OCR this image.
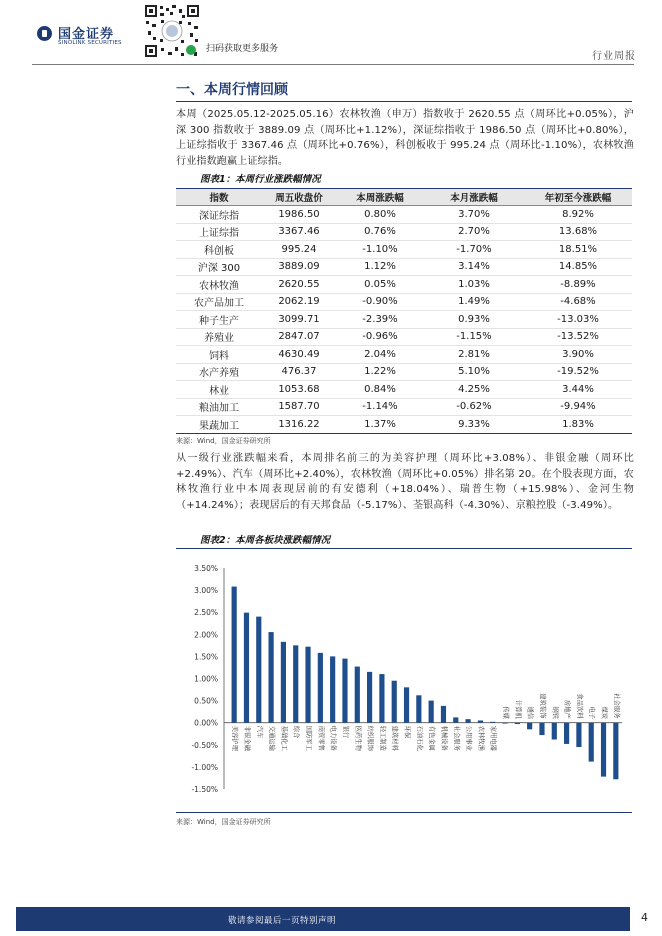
国金证券
SINOLINK SECURITIES
扫码获取更多服务
行业周报
一、本周行情回顾
本周（2025.05.12-2025.05.16）农林牧渔（申万）指数收于 2620.55 点（周环比+0.05%），沪深 300 指数收于 3889.09 点（周环比+1.12%），深证综指收于 1986.50 点（周环比+0.80%），上证综指收于 3367.46 点（周环比+0.76%），科创板收于 995.24 点（周环比-1.10%），农林牧渔行业指数跑赢上证综指。
图表1：本周行业涨跌幅情况
指数	周五收盘价	本周涨跌幅	本月涨跌幅	年初至今涨跌幅
深证综指	1986.50	0.80%	3.70%	8.92%
上证综指	3367.46	0.76%	2.70%	13.68%
科创板	995.24	-1.10%	-1.70%	18.51%
沪深 300	3889.09	1.12%	3.14%	14.85%
农林牧渔	2620.55	0.05%	1.03%	-8.89%
农产品加工	2062.19	-0.90%	1.49%	-4.68%
种子生产	3099.71	-2.39%	0.93%	-13.03%
养殖业	2847.07	-0.96%	-1.15%	-13.52%
饲料	4630.49	2.04%	2.81%	3.90%
水产养殖	476.37	1.22%	5.10%	-19.52%
林业	1053.68	0.84%	4.25%	3.44%
粮油加工	1587.70	-1.14%	-0.62%	-9.94%
果蔬加工	1316.22	1.37%	9.33%	1.83%
来源：Wind，国金证券研究所
从一级行业涨跌幅来看，本周排名前三的为美容护理（周环比+3.08%）、非银金融（周环比+2.49%）、汽车（周环比+2.40%），农林牧渔（周环比+0.05%）排名第 20。在个股表现方面，农林牧渔行业中本周表现居前的有安德利（+18.04%）、瑞普生物（+15.98%）、金河生物（+14.24%）；表现居后的有天邦食品（-5.17%）、荃银高科（-4.30%）、京粮控股（-3.49%）。
图表2：本周各板块涨跌幅情况
3.50%
3.00%
2.50%
2.00%
1.50%
1.00%
0.50%
0.00%
-0.50%
-1.00%
-1.50%
美容护理 非银金融 汽车 交通运输 基础化工 综合 国防军工 商贸零售 电力设备 银行 医药生物 纺织服饰 轻工制造 建筑材料 环保 石油石化 有色金属 机械设备 社会服务 公用事业 农林牧渔 家用电器
传媒 计算机 通信 建筑装饰 钢铁 房地产 食品饮料 电子 煤炭 社会服务
来源：Wind，国金证券研究所
敬请参阅最后一页特别声明	4
